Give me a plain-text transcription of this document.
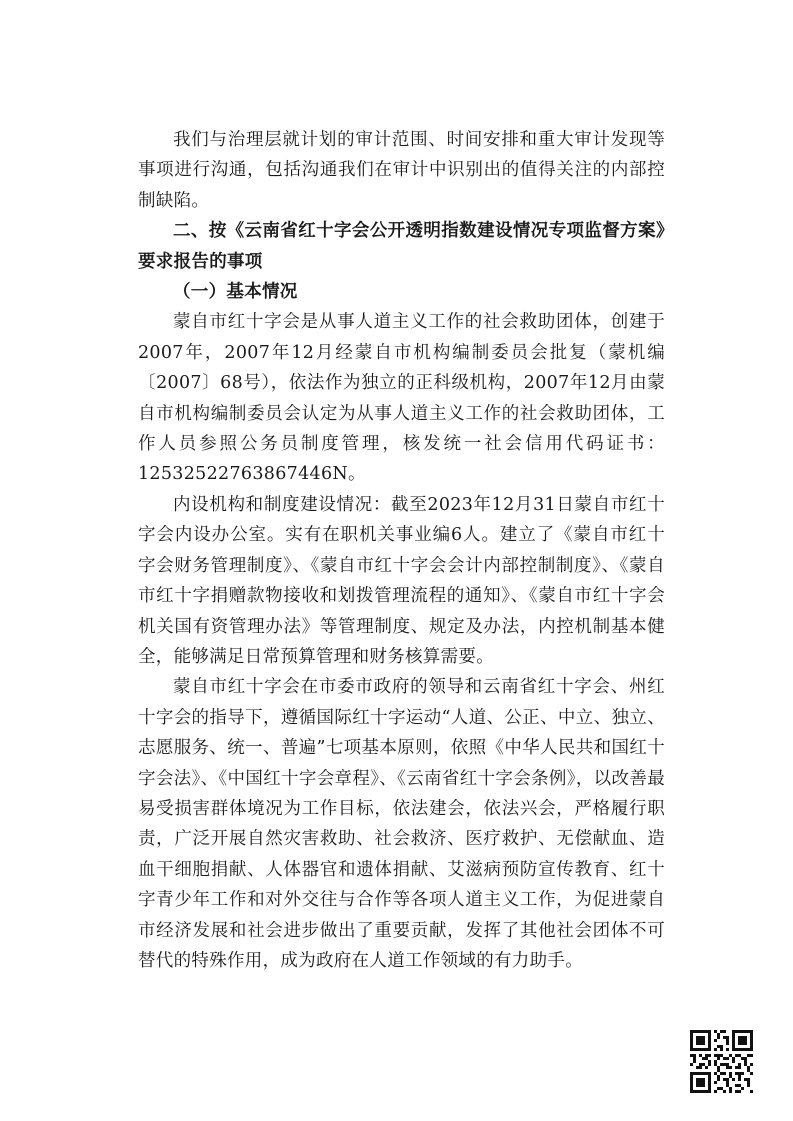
我们与治理层就计划的审计范围、时间安排和重大审计发现等事项进行沟通，包括沟通我们在审计中识别出的值得关注的内部控制缺陷。

二、按《云南省红十字会公开透明指数建设情况专项监督方案》要求报告的事项

（一）基本情况

蒙自市红十字会是从事人道主义工作的社会救助团体，创建于2007年，2007年12月经蒙自市机构编制委员会批复（蒙机编〔2007〕68号），依法作为独立的正科级机构，2007年12月由蒙自市机构编制委员会认定为从事人道主义工作的社会救助团体，工作人员参照公务员制度管理，核发统一社会信用代码证书：12532522763867446N。

内设机构和制度建设情况：截至2023年12月31日蒙自市红十字会内设办公室。实有在职机关事业编6人。建立了《蒙自市红十字会财务管理制度》、《蒙自市红十字会会计内部控制制度》、《蒙自市红十字捐赠款物接收和划拨管理流程的通知》、《蒙自市红十字会机关国有资管理办法》等管理制度、规定及办法，内控机制基本健全，能够满足日常预算管理和财务核算需要。

蒙自市红十字会在市委市政府的领导和云南省红十字会、州红十字会的指导下，遵循国际红十字运动“人道、公正、中立、独立、志愿服务、统一、普遍”七项基本原则，依照《中华人民共和国红十字会法》、《中国红十字会章程》、《云南省红十字会条例》，以改善最易受损害群体境况为工作目标，依法建会，依法兴会，严格履行职责，广泛开展自然灾害救助、社会救济、医疗救护、无偿献血、造血干细胞捐献、人体器官和遗体捐献、艾滋病预防宣传教育、红十字青少年工作和对外交往与合作等各项人道主义工作，为促进蒙自市经济发展和社会进步做出了重要贡献，发挥了其他社会团体不可替代的特殊作用，成为政府在人道工作领域的有力助手。
